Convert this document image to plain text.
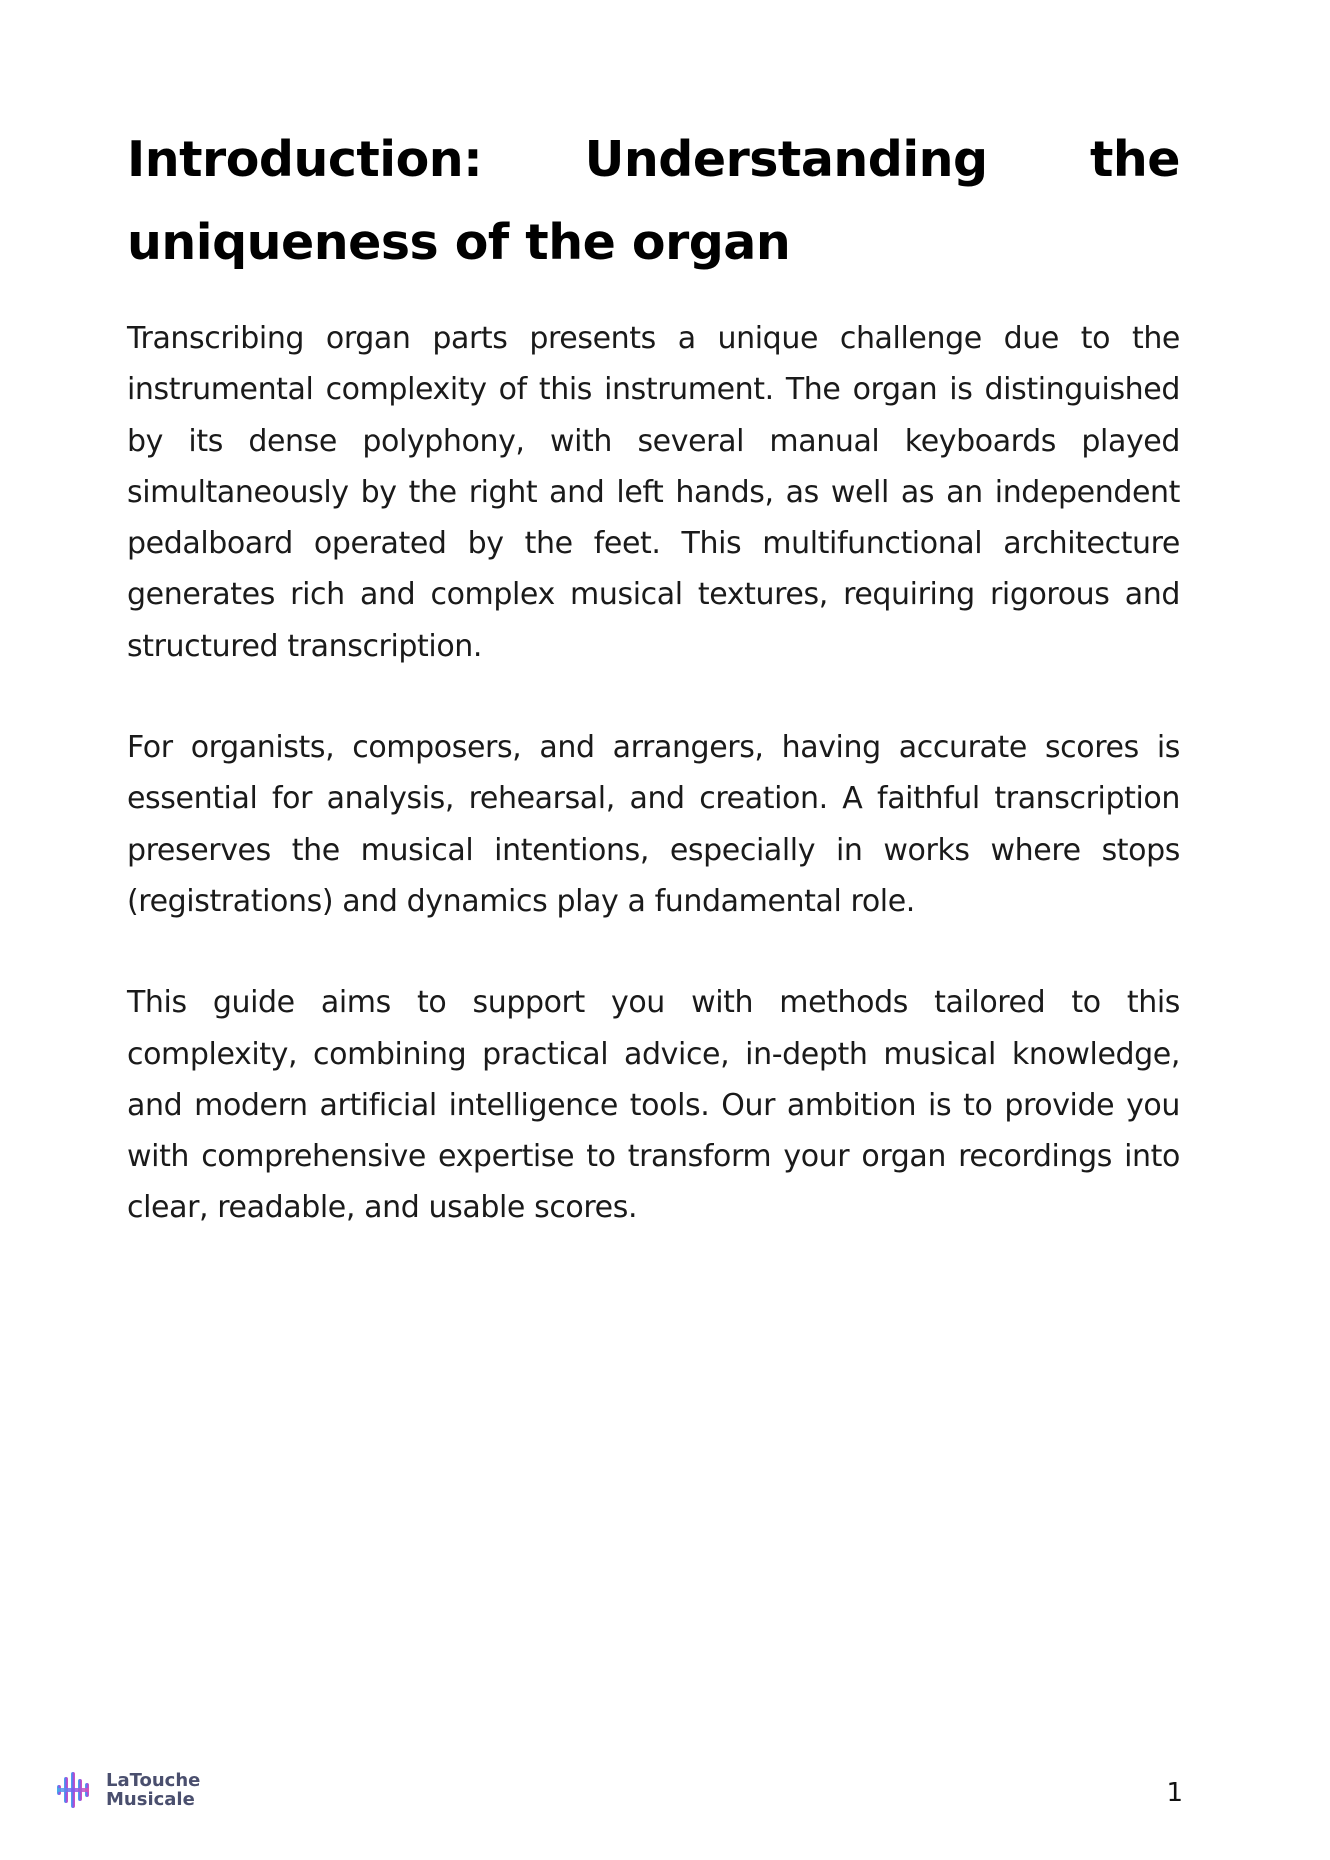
Introduction: Understanding the uniqueness of the organ

Transcribing organ parts presents a unique challenge due to the instrumental complexity of this instrument. The organ is distinguished by its dense polyphony, with several manual keyboards played simultaneously by the right and left hands, as well as an independent pedalboard operated by the feet. This multifunctional architecture generates rich and complex musical textures, requiring rigorous and structured transcription.

For organists, composers, and arrangers, having accurate scores is essential for analysis, rehearsal, and creation. A faithful transcription preserves the musical intentions, especially in works where stops (registrations) and dynamics play a fundamental role.

This guide aims to support you with methods tailored to this complexity, combining practical advice, in-depth musical knowledge, and modern artificial intelligence tools. Our ambition is to provide you with comprehensive expertise to transform your organ recordings into clear, readable, and usable scores.

LaTouche
Musicale	1
